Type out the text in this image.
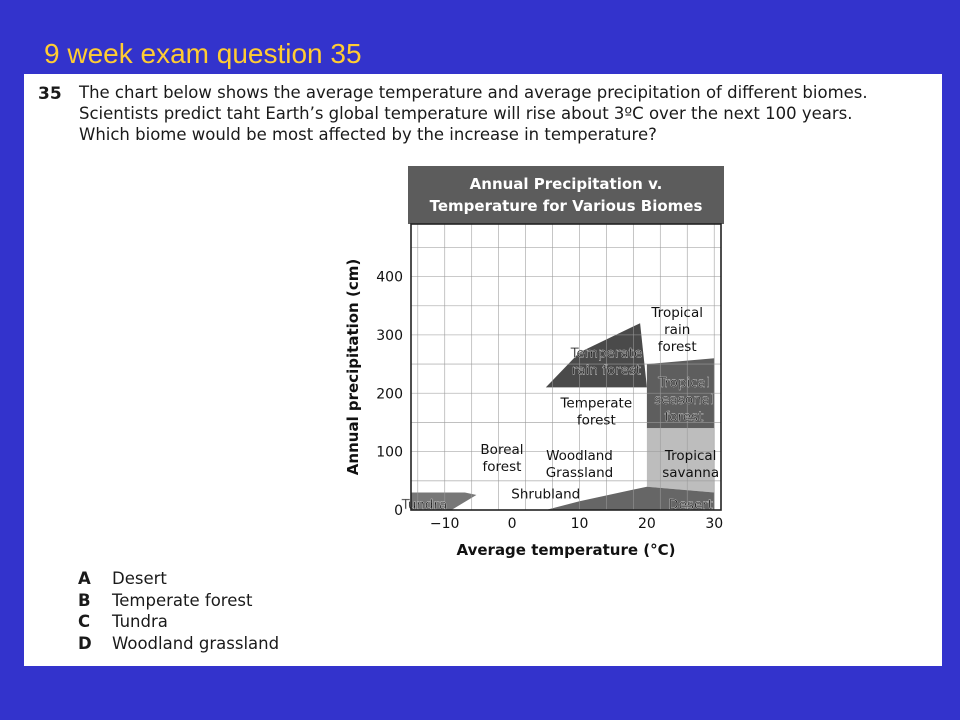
9 week exam question 35
35 The chart below shows the average temperature and average precipitation of different biomes.
Scientists predict taht Earth’s global temperature will rise about 3ºC over the next 100 years.
Which biome would be most affected by the increase in temperature?
Annual Precipitation v.
Temperature for Various Biomes
Tundra
Boreal
forest
Shrubland
Woodland
Grassland
Temperate
forest
Temperate
rain forest
Tropical
rain
forest
Tropical
seasonal
forest
Tropical
savanna
Desert
0
100
200
300
400
−10	0	10	20	30
Average temperature (°C)
Annual precipitation (cm)
A	Desert
B	Temperate forest
C	Tundra
D	Woodland grassland
